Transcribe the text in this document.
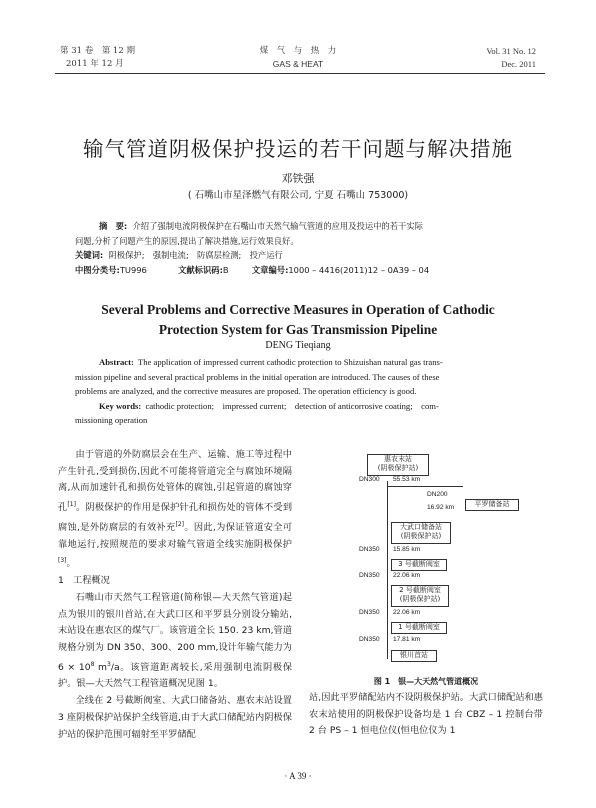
第 31 卷　第 12 期
2011 年 12 月
煤　气　与　热　力
GAS & HEAT
Vol. 31 No. 12
Dec. 2011
输气管道阴极保护投运的若干问题与解决措施
邓铁强
( 石嘴山市星泽燃气有限公司, 宁夏 石嘴山 753000)
摘　要: 介绍了强制电流阴极保护在石嘴山市天然气输气管道的应用及投运中的若干实际
问题,分析了问题产生的原因,提出了解决措施,运行效果良好。
关键词: 阴极保护;　强制电流;　防腐层检测;　投产运行
中图分类号:TU996	文献标识码:B	文章编号:1000 – 4416(2011)12 – 0A39 – 04
Several Problems and Corrective Measures in Operation of Cathodic
Protection System for Gas Transmission Pipeline
DENG Tieqiang
Abstract: The application of impressed current cathodic protection to Shizuishan natural gas trans-
mission pipeline and several practical problems in the initial operation are introduced. The causes of these
problems are analyzed, and the corrective measures are proposed. The operation efficiency is good.
Key words: cathodic protection;　impressed current;　detection of anticorrosive coating;　com-
missioning operation

由于管道的外防腐层会在生产、运输、施工等过程中产生针孔,受到损伤,因此不可能将管道完全与腐蚀环境隔离,从而加速针孔和损伤处管体的腐蚀,引起管道的腐蚀穿孔[1]。阴极保护的作用是保护针孔和损伤处的管体不受到腐蚀,是外防腐层的有效补充[2]。因此,为保证管道安全可靠地运行,按照规范的要求对输气管道全线实施阴极保护[3]。

1　工程概况

石嘴山市天然气工程管道(简称银—大天然气管道)起点为银川的银川首站,在大武口区和平罗县分别设分输站,末站设在惠农区的煤气厂。该管道全长 150. 23 km,管道规格分别为 DN 350、300、200 mm,设计年输气能力为 $6 \times 10^8$ $m^3/a$。该管道距离较长,采用强制电流阴极保护。银—大天然气工程管道概况见图 1。

全线在 2 号截断阀室、大武口储备站、惠农末站设置 3 座阴极保护站保护全线管道,由于大武口储配站内阴极保护站的保护范围可辐射至平罗储配

惠农末站
(阴极保护站)
DN300 55.53 km
DN200
16.92 km	平罗储备站
大武口储备站
(阴极保护站)
DN350 15.85 km
3 号截断阀室
DN350 22.06 km
2 号截断阀室
(阴极保护站)
DN350 22.06 km
1 号截断阀室
DN350 17.81 km
银川首站
图 1　银—大天然气管道概况
站,因此平罗储配站内不设阴极保护站。大武口储配站和惠农末站使用的阴极保护设备均是 1 台 CBZ – 1 控制台带 2 台 PS – 1 恒电位仪(恒电位仪为 1
· A 39 ·
